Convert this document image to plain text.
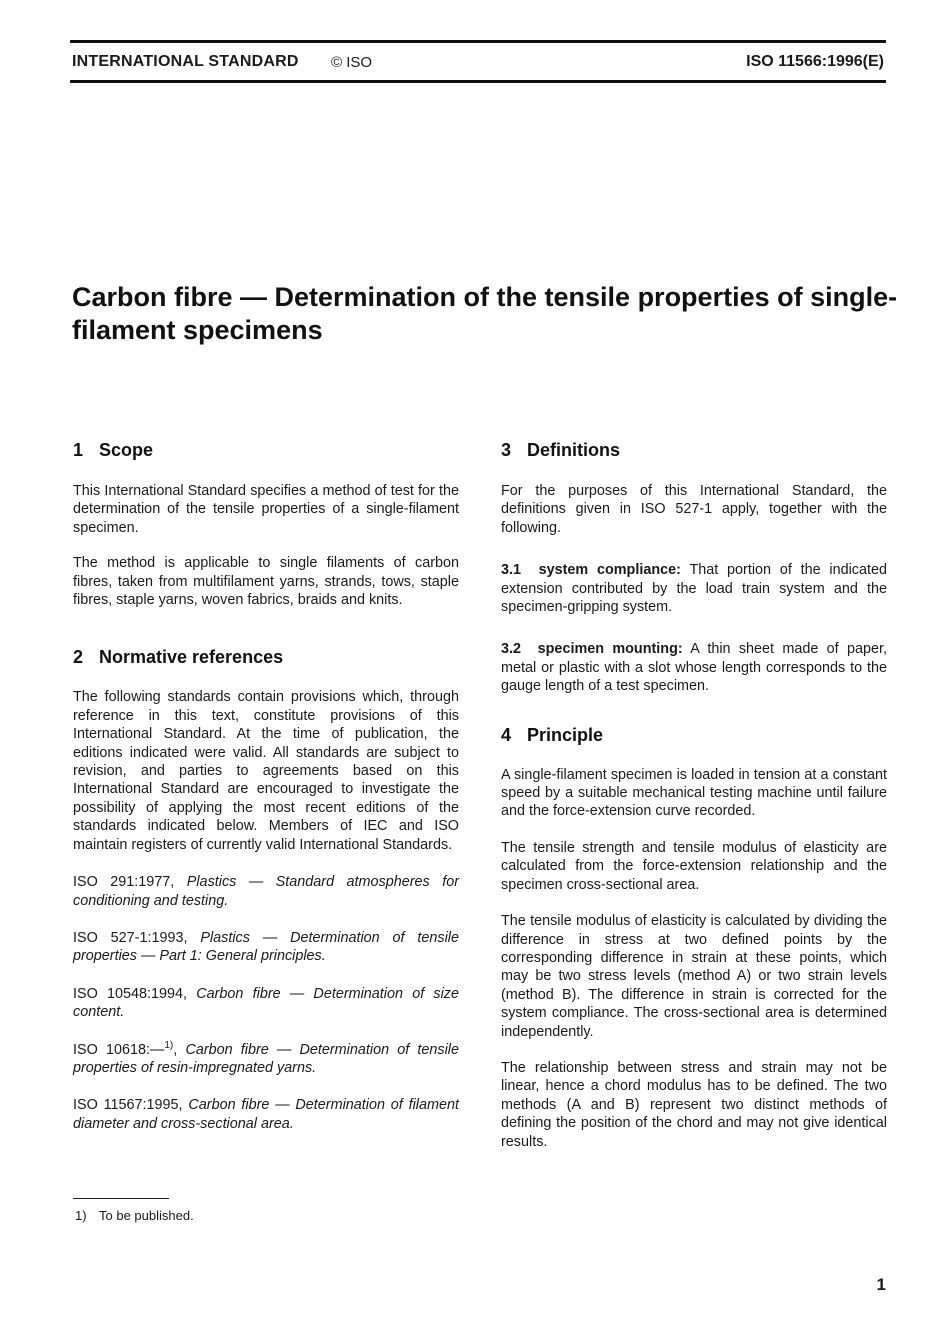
INTERNATIONAL STANDARD © ISO	ISO 11566:1996(E)
Carbon fibre — Determination of the tensile properties of single-filament specimens
1 Scope

This International Standard specifies a method of test for the determination of the tensile properties of a single-filament specimen.

The method is applicable to single filaments of carbon fibres, taken from multifilament yarns, strands, tows, staple fibres, staple yarns, woven fabrics, braids and knits.

2 Normative references

The following standards contain provisions which, through reference in this text, constitute provisions of this International Standard. At the time of publication, the editions indicated were valid. All standards are subject to revision, and parties to agreements based on this International Standard are encouraged to investigate the possibility of applying the most recent editions of the standards indicated below. Members of IEC and ISO maintain registers of currently valid International Standards.

ISO 291:1977, Plastics — Standard atmospheres for conditioning and testing.

ISO 527-1:1993, Plastics — Determination of tensile properties — Part 1: General principles.

ISO 10548:1994, Carbon fibre — Determination of size content.

ISO 10618:—$^{1)}$, Carbon fibre — Determination of tensile properties of resin-impregnated yarns.

ISO 11567:1995, Carbon fibre — Determination of filament diameter and cross-sectional area.

3 Definitions

For the purposes of this International Standard, the definitions given in ISO 527-1 apply, together with the following.

3.1 system compliance: That portion of the indicated extension contributed by the load train system and the specimen-gripping system.

3.2 specimen mounting: A thin sheet made of paper, metal or plastic with a slot whose length corresponds to the gauge length of a test specimen.

4 Principle

A single-filament specimen is loaded in tension at a constant speed by a suitable mechanical testing machine until failure and the force-extension curve recorded.

The tensile strength and tensile modulus of elasticity are calculated from the force-extension relationship and the specimen cross-sectional area.

The tensile modulus of elasticity is calculated by dividing the difference in stress at two defined points by the corresponding difference in strain at these points, which may be two stress levels (method A) or two strain levels (method B). The difference in strain is corrected for the system compliance. The cross-sectional area is determined independently.

The relationship between stress and strain may not be linear, hence a chord modulus has to be defined. The two methods (A and B) represent two distinct methods of defining the position of the chord and may not give identical results.

1) To be published.
1
